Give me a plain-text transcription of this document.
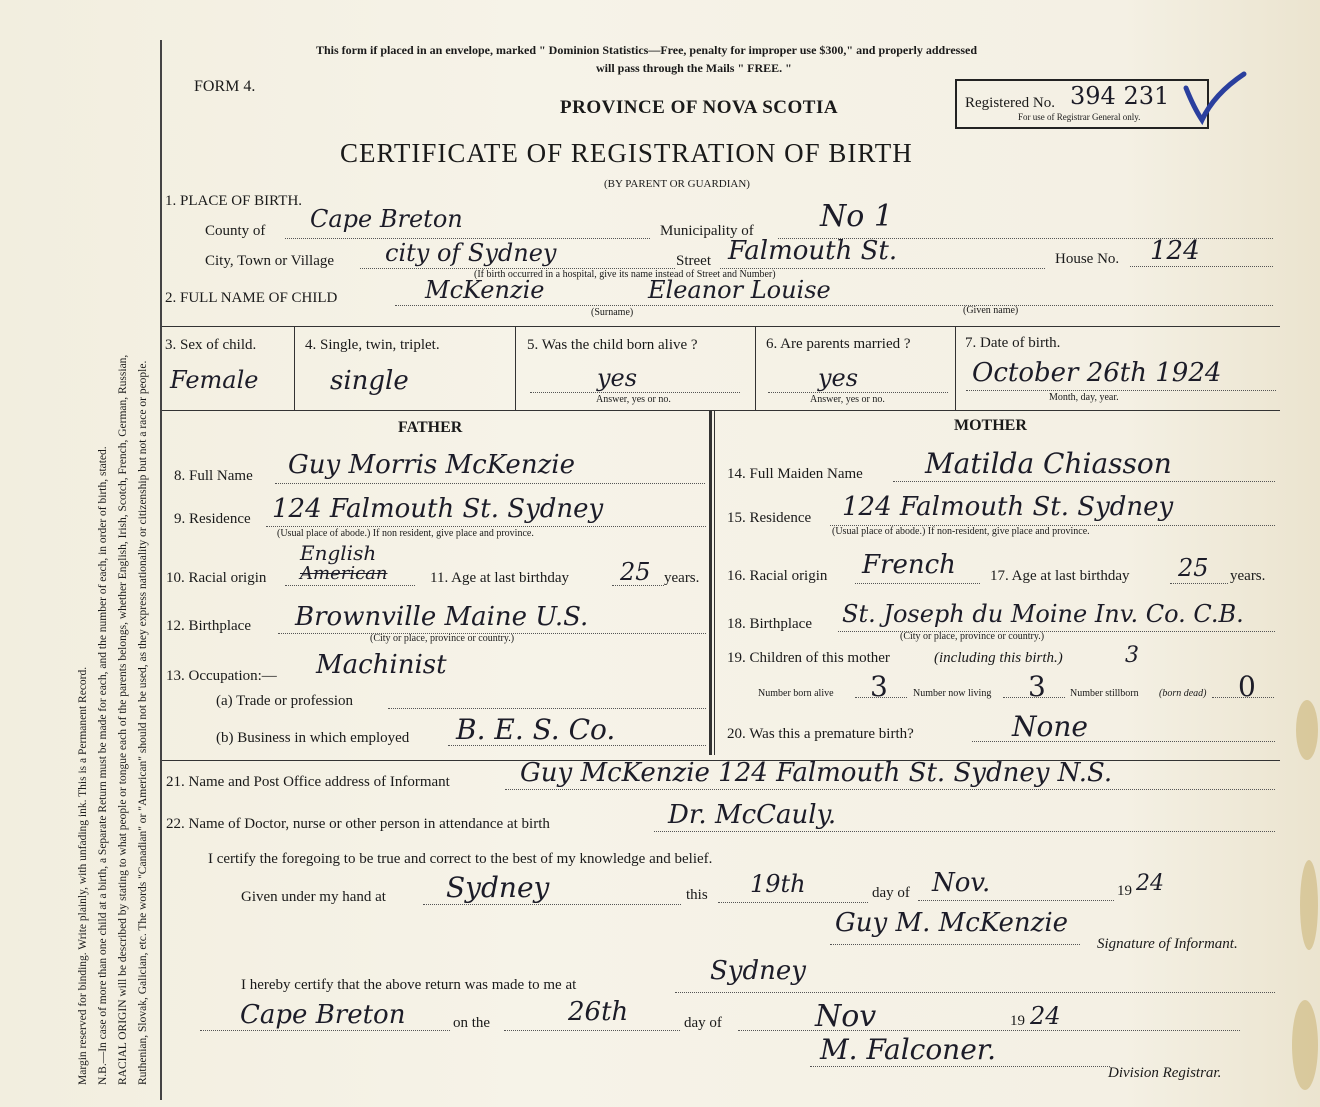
Margin reserved for binding. Write plainly, with unfading ink. This is a Permanent Record. N.B.—In case of more than one child at a birth, a Separate Return must be made for each, and the number of each, in order of birth, stated. RACIAL ORIGIN will be described by stating to what people or tongue each of the parents belongs, whether English, Irish, Scotch, French, German, Russian, Ruthenian, Slovak, Galician, etc. The words "Canadian" or "American" should not be used, as they express nationality or citizenship but not a race or people.
This form if placed in an envelope, marked " Dominion Statistics—Free, penalty for improper use $300," and properly addressed
will pass through the Mails " FREE. "
FORM 4.
PROVINCE OF NOVA SCOTIA
CERTIFICATE OF REGISTRATION OF BIRTH
(BY PARENT OR GUARDIAN)
Registered No. 394 231
For use of Registrar General only.
1. PLACE OF BIRTH.
County of Cape Breton	Municipality of No 1
City, Town or Village city of Sydney	Street Falmouth St.
(If birth occurred in a hospital, give its name instead of Street and Number)
House No. 124
2. FULL NAME OF CHILD	McKenzie	Eleanor Louise
(Surname)	(Given name)
3. Sex of child.
Female
4. Single, twin, triplet.
single
5. Was the child born alive ?
yes
Answer, yes or no.
6. Are parents married ?
yes
Answer, yes or no.
7. Date of birth.
October 26th 1924
Month, day, year.
FATHER	MOTHER
8. Full Name Guy Morris McKenzie
9. Residence 124 Falmouth St. Sydney
(Usual place of abode.) If non resident, give place and province.
10. Racial origin
English
American	11. Age at last birthday 25 years.
12. Birthplace Brownville Maine U.S.
(City or place, province or country.)
13. Occupation:— Machinist
(a) Trade or profession
(b) Business in which employed B. E. S. Co.
14. Full Maiden Name Matilda Chiasson
15. Residence 124 Falmouth St. Sydney
(Usual place of abode.) If non-resident, give place and province.
16. Racial origin French 17. Age at last birthday 25 years.
18. Birthplace St. Joseph du Moine Inv. Co. C.B.
(City or place, province or country.)
19. Children of this mother	(including this birth.)	3
Number born alive 3	Number now living 3 Number stillborn (born dead) 0
20. Was this a premature birth?	None
21. Name and Post Office address of Informant	Guy McKenzie 124 Falmouth St. Sydney N.S.
22. Name of Doctor, nurse or other person in attendance at birth	Dr. McCauly.
I certify the foregoing to be true and correct to the best of my knowledge and belief.
Given under my hand at Sydney	this 19th	day of Nov.	19 24
Guy M. McKenzie
Signature of Informant.
I hereby certify that the above return was made to me at	Sydney
Cape Breton	on the	26th	day of	Nov	19 24
M. Falconer.
Division Registrar.
